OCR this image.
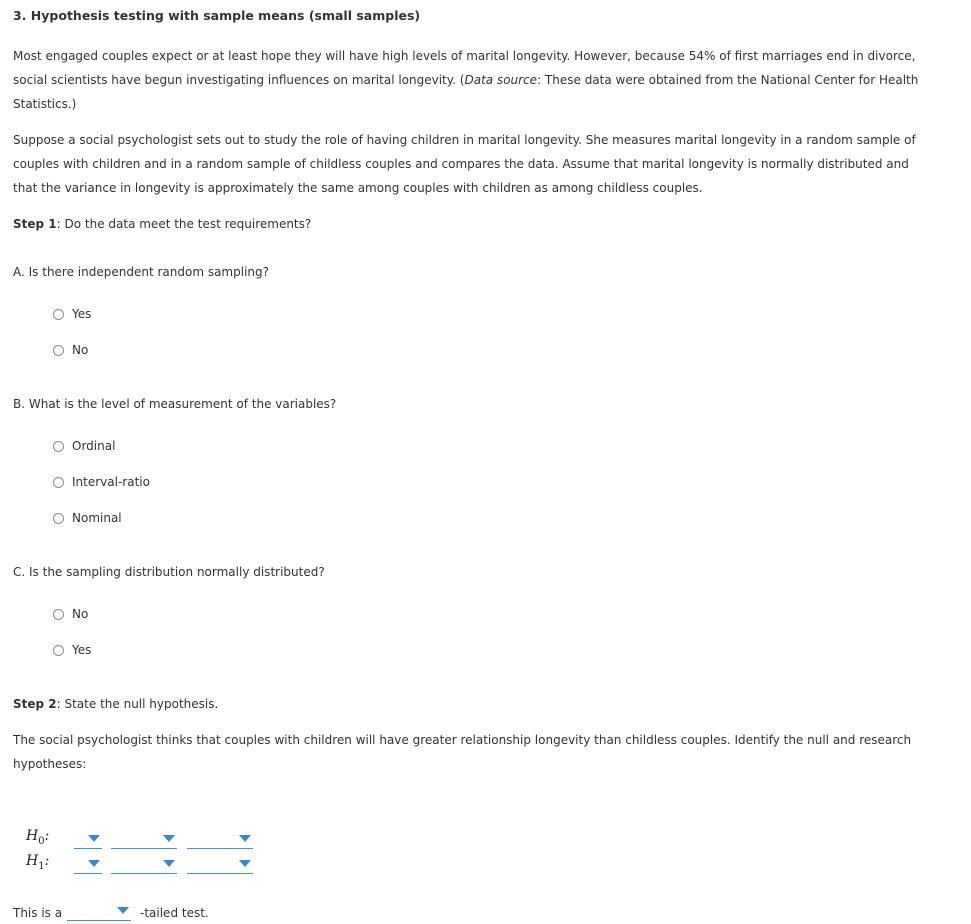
3. Hypothesis testing with sample means (small samples)
Most engaged couples expect or at least hope they will have high levels of marital longevity. However, because 54% of first marriages end in divorce, social scientists have begun investigating influences on marital longevity. (Data source: These data were obtained from the National Center for Health Statistics.)
Suppose a social psychologist sets out to study the role of having children in marital longevity. She measures marital longevity in a random sample of couples with children and in a random sample of childless couples and compares the data. Assume that marital longevity is normally distributed and that the variance in longevity is approximately the same among couples with children as among childless couples.
Step 1: Do the data meet the test requirements?
A. Is there independent random sampling?
Yes
No
B. What is the level of measurement of the variables?
Ordinal
Interval-ratio
Nominal
C. Is the sampling distribution normally distributed?
No
Yes
Step 2: State the null hypothesis.
The social psychologist thinks that couples with children will have greater relationship longevity than childless couples. Identify the null and research hypotheses:
$H_0$:
$H_1$:
This is a	-tailed test.
